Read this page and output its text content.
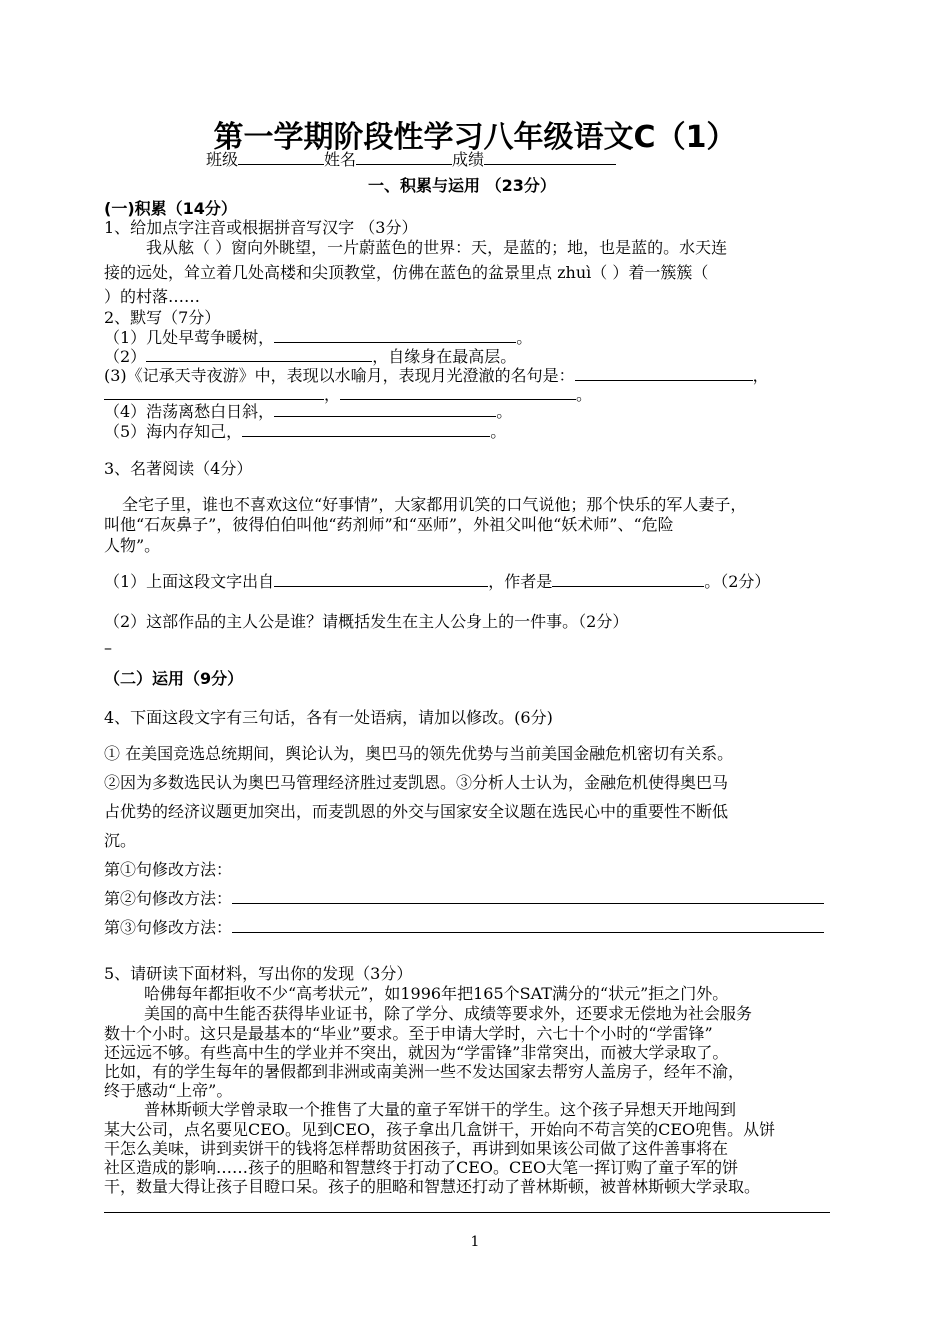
第一学期阶段性学习八年级语文C（1）
班级	姓名	成绩
一、积累与运用 （23分）
(一)积累（14分）
1、给加点字注音或根据拼音写汉字 （3分）
我从舷（ ）窗向外眺望，一片蔚蓝色的世界：天，是蓝的；地，也是蓝的。水天连
接的远处，耸立着几处高楼和尖顶教堂，仿佛在蓝色的盆景里点 zhuì（ ）着一簇簇（
）的村落……
2、默写（7分）
（1）几处早莺争暖树，	。
（2）	，自缘身在最高层。
(3)《记承天寺夜游》中，表现以水喻月，表现月光澄澈的名句是：	，
，	。
（4）浩荡离愁白日斜，	。
（5）海内存知己，	。
3、名著阅读（4分）
全宅子里，谁也不喜欢这位“好事情”，大家都用讥笑的口气说他；那个快乐的军人妻子，
叫他“石灰鼻子”，彼得伯伯叫他“药剂师”和“巫师”，外祖父叫他“妖术师”、“危险
人物”。
（1）上面这段文字出自	，作者是	。（2分）
（2）这部作品的主人公是谁？请概括发生在主人公身上的一件事。（2分）
–
（二）运用（9分）
4、下面这段文字有三句话，各有一处语病，请加以修改。(6分)
① 在美国竞选总统期间，舆论认为，奥巴马的领先优势与当前美国金融危机密切有关系。
②因为多数选民认为奥巴马管理经济胜过麦凯恩。③分析人士认为，金融危机使得奥巴马
占优势的经济议题更加突出，而麦凯恩的外交与国家安全议题在选民心中的重要性不断低
沉。
第①句修改方法：
第②句修改方法：
第③句修改方法：
5、请研读下面材料，写出你的发现（3分）
哈佛每年都拒收不少“高考状元”，如1996年把165个SAT满分的“状元”拒之门外。
美国的高中生能否获得毕业证书，除了学分、成绩等要求外，还要求无偿地为社会服务
数十个小时。这只是最基本的“毕业”要求。至于申请大学时，六七十个小时的“学雷锋”
还远远不够。有些高中生的学业并不突出，就因为“学雷锋”非常突出，而被大学录取了。
比如，有的学生每年的暑假都到非洲或南美洲一些不发达国家去帮穷人盖房子，经年不渝，
终于感动“上帝”。
普林斯顿大学曾录取一个推售了大量的童子军饼干的学生。这个孩子异想天开地闯到
某大公司，点名要见CEO。见到CEO，孩子拿出几盒饼干，开始向不苟言笑的CEO兜售。从饼
干怎么美味，讲到卖饼干的钱将怎样帮助贫困孩子，再讲到如果该公司做了这件善事将在
社区造成的影响……孩子的胆略和智慧终于打动了CEO。CEO大笔一挥订购了童子军的饼
干，数量大得让孩子目瞪口呆。孩子的胆略和智慧还打动了普林斯顿，被普林斯顿大学录取。
1
